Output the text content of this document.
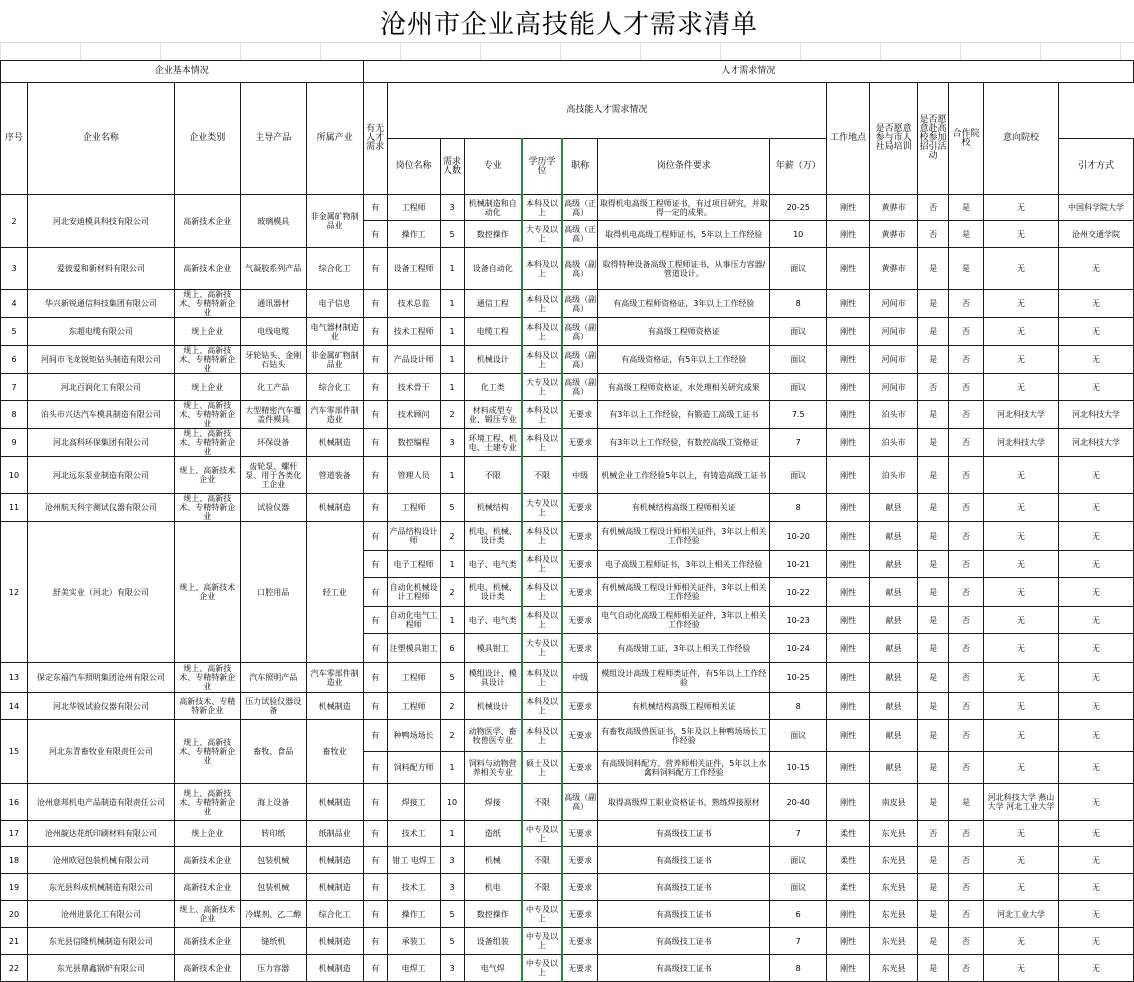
沧州市企业高技能人才需求清单
企业基本情况					人才需求情况													
序号	企业名称	企业类别	主导产品	所属产业	有无人才需求	高技能人才需求情况							工作地点	是否愿意参与市人社局培训	是否愿意赴高校参加招引活动	合作院校	意向院校	
						岗位名称	需求人数	专业	学历学位	职称	岗位条件要求	年薪（万）						引才方式
2	河北安迪模具科技有限公司	高新技术企业	玻璃模具	非金属矿物制品业	有	工程师	3	机械制造和自动化	本科及以上	高级（正高）	取得机电高级工程师证书，有过项目研究，并取得一定的成果。	20-25	刚性	黄骅市	否	是	无	中国科学院大学
					有	操作工	5	数控操作	大专及以上	高级（正高）	取得机电高级工程师证书，5年以上工作经验	10	刚性	黄骅市	否	是	无	沧州交通学院
3	爱彼爱和新材料有限公司	高新技术企业	气凝胶系列产品	综合化工	有	设备工程师	1	设备自动化	本科及以上	高级（副高）	取得特种设备高级工程师证书，从事压力容器/管道设计。	面议	刚性	黄骅市	是	是	无	无
4	华兴新锐通信科技集团有限公司	规上、高新技术、专精特新企业	通讯器材	电子信息	有	技术总监	1	通信工程	本科及以上	高级（副高）	有高级工程师资格证，3年以上工作经验	8	刚性	河间市	是	否	无	无
5	东超电缆有限公司	规上企业	电线电缆	电气器材制造业	有	技术工程师	1	电缆工程	本科及以上	高级（副高）	有高级工程师资格证	面议	刚性	河间市	是	否	无	无
6	河间市飞龙锐矩钻头制造有限公司	规上、高新技术、专精特新企业	牙轮钻头、金刚石钻头	非金属矿物制品业	有	产品设计师	1	机械设计	本科及以上	高级（副高）	有高级资格证，有5年以上工作经验	面议	刚性	河间市	是	否	无	无
7	河北百润化工有限公司	规上企业	化工产品	综合化工	有	技术骨干	1	化工类	大专及以上	高级（副高）	有高级工程师资格证，水处理相关研究成果	面议	刚性	河间市	否	否	无	无
8	泊头市兴达汽车模具制造有限公司	规上、高新技术、专精特新企业	大型精密汽车覆盖件模具	汽车零部件制造业	有	技术顾问	2	材料成型专业、锻压专业	本科及以上	无要求	有3年以上工作经验，有锻造工高级工证书	7.5	刚性	泊头市	是	否	河北科技大学	河北科技大学
9	河北高科环保集团有限公司	规上、高新技术、专精特新企业	环保设备	机械制造	有	数控编程	3	环境工程、机电、土建专业	本科及以上	无要求	有3年以上工作经验，有数控高级工资格证	7	刚性	泊头市	是	否	河北科技大学	河北科技大学
10	河北远东泵业制造有限公司	规上、高新技术企业	齿轮泵、螺杆泵、用于各类化工企业	管道装备	有	管理人员	1	不限	不限	中级	机械企业工作经验5年以上，有铸造高级工证书	面议	刚性	泊头市	是	否	无	无
11	沧州航天科宇测试仪器有限公司	规上、高新技术、专精特新企业	试验仪器	机械制造	有	工程师	5	机械结构	大专及以上	无要求	有机械结构高级工程师相关证	8	刚性	献县	是	否	无	无
12	舒美实业（河北）有限公司	规上、高新技术企业	口腔用品	轻工业	有	产品结构设计师	2	机电、机械、设计类	本科及以上	无要求	有机械高级工程设计师相关证件，3年以上相关工作经验	10-20	刚性	献县	是	否	无	无
					有	电子工程师	1	电子、电气类	本科及以上	无要求	电子高级工程师证书，3年以上相关工作经验	10-21	刚性	献县	是	否	无	无
					有	自动化机械设计工程师	2	机电、机械、设计类	本科及以上	无要求	有机械高级工程设计师相关证件，3年以上相关工作经验	10-22	刚性	献县	是	否	无	无
					有	自动化电气工程师	1	电子、电气类	本科及以上	无要求	电气自动化高级工程师相关证件，3年以上相关工作经验	10-23	刚性	献县	是	否	无	无
					有	注塑模具钳工	6	模具钳工	大专及以上	无要求	有高级钳工证，3年以上相关工作经验	10-24	刚性	献县	是	否	无	无
13	保定东福汽车照明集团沧州有限公司	规上、高新技术、专精特新企业	汽车照明产品	汽车零部件制造业	有	工程师	5	模组设计、模具设计	本科及以上	中级	模组设计高级工程师类证件，有5年以上工作经验	10-25	刚性	献县	是	否	无	无
14	河北华锐试验仪器有限公司	高新技术、专精特新企业	压力试验仪器设备	机械制造	有	工程师	2	机械设计	本科及以上	无要求	有机械结构高级工程师相关证	8	刚性	献县	是	否	无	无
15	河北东青畜牧业有限责任公司	规上、高新技术、专精特新企业	畜牧、食品	畜牧业	有	种鸭场场长	2	动物医学、畜牧兽医专业	本科及以上	无要求	有畜牧高级兽医证书，5年及以上种鸭场场长工作经验	面议	刚性	献县	是	否	无	无
					有	饲料配方师	1	饲料与动物营养相关专业	硕士及以上	无要求	有高级饲料配方、营养师相关证件，5年以上水禽料饲料配方工作经验	10-15	刚性	献县	是	否	无	无
16	沧州意邦机电产品制造有限责任公司	规上、高新技术、专精特新企业	海上设备	机械制造	有	焊接工	10	焊接	不限	高级（副高）	取得高级焊工职业资格证书，熟练焊接原材	20-40	刚性	南皮县	是	是	河北科技大学 燕山大学 河北工业大学	无
17	沧州靛达花纸印刷材料有限公司	规上企业	转印纸	纸制品业	有	技术工	1	造纸	中专及以上	无要求	有高级技工证书	7	柔性	东光县	否	否	无	无
18	沧州欧冠包装机械有限公司	高新技术企业	包装机械	机械制造	有	钳工 电焊工	3	机械	不限	无要求	有高级技工证书	面议	柔性	东光县	是	否	无	无
19	东光县科成机械制造有限公司	高新技术企业	包装机械	机械制造	有	技术工	3	机电	不限	无要求	有高级技工证书	面议	柔性	东光县	是	否	无	无
20	沧州进景化工有限公司	规上、高新技术企业	冷媒剂、乙二醇	综合化工	有	操作工	5	数控操作	中专及以上	无要求	有高级技工证书	6	刚性	东光县	是	否	河北工业大学	无
21	东光县信隆机械制造有限公司	高新技术企业	缝纸机	机械制造	有	承装工	5	设备组装	中专及以上	无要求	有高级技工证书	7	刚性	东光县	是	否	无	无
22	东光县鼎鑫锅炉有限公司	高新技术企业	压力容器	机械制造	有	电焊工	3	电气焊	中专及以上	无要求	有高级技工证书	8	刚性	东光县	是	否	无	无
